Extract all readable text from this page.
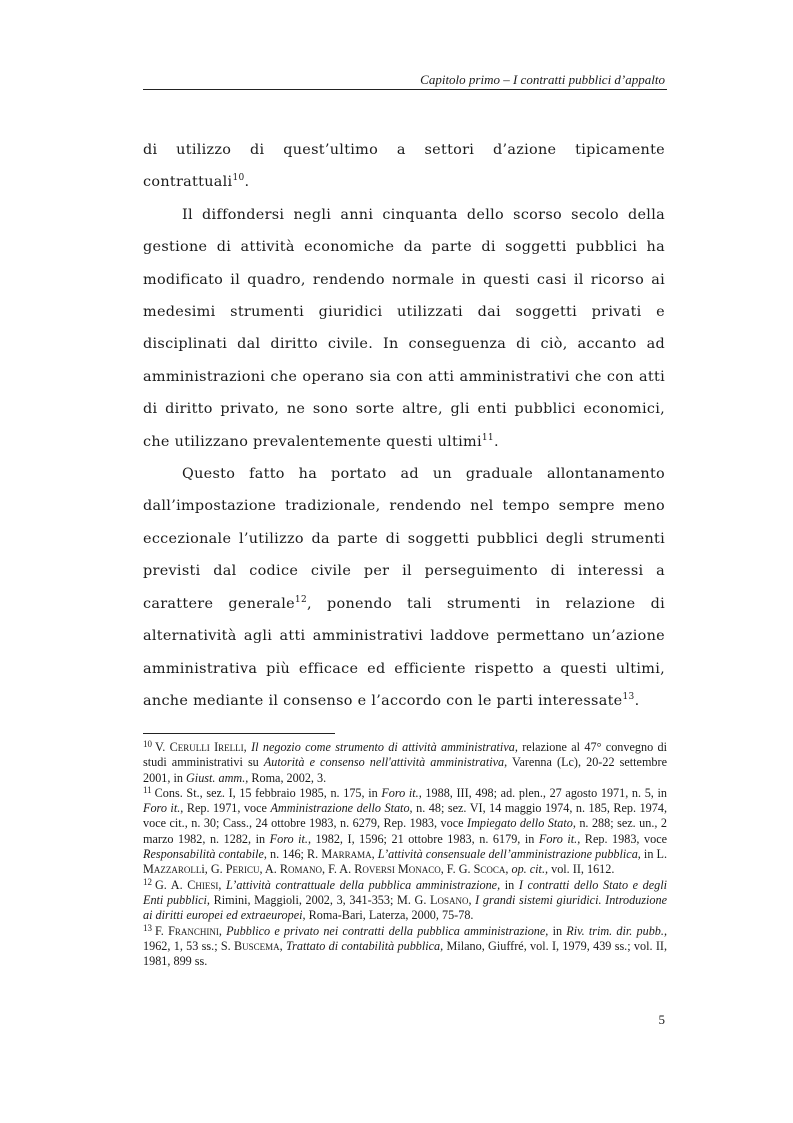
Capitolo primo – I contratti pubblici d’appalto

di utilizzo di quest’ultimo a settori d’azione tipicamente contrattuali$^{10}$.

Il diffondersi negli anni cinquanta dello scorso secolo della gestione di attività economiche da parte di soggetti pubblici ha modificato il quadro, rendendo normale in questi casi il ricorso ai medesimi strumenti giuridici utilizzati dai soggetti privati e disciplinati dal diritto civile. In conseguenza di ciò, accanto ad amministrazioni che operano sia con atti amministrativi che con atti di diritto privato, ne sono sorte altre, gli enti pubblici economici, che utilizzano prevalentemente questi ultimi$^{11}$.

Questo fatto ha portato ad un graduale allontanamento dall’impostazione tradizionale, rendendo nel tempo sempre meno eccezionale l’utilizzo da parte di soggetti pubblici degli strumenti previsti dal codice civile per il perseguimento di interessi a carattere generale$^{12}$, ponendo tali strumenti in relazione di alternatività agli atti amministrativi laddove permettano un’azione amministrativa più efficace ed efficiente rispetto a questi ultimi, anche mediante il consenso e l’accordo con le parti interessate$^{13}$.

$^{10}$ V. Cerulli Irelli, Il negozio come strumento di attività amministrativa, relazione al 47° convegno di studi amministrativi su Autorità e consenso nell'attività amministrativa, Varenna (Lc), 20-22 settembre 2001, in Giust. amm., Roma, 2002, 3.

$^{11}$ Cons. St., sez. I, 15 febbraio 1985, n. 175, in Foro it., 1988, III, 498; ad. plen., 27 agosto 1971, n. 5, in Foro it., Rep. 1971, voce Amministrazione dello Stato, n. 48; sez. VI, 14 maggio 1974, n. 185, Rep. 1974, voce cit., n. 30; Cass., 24 ottobre 1983, n. 6279, Rep. 1983, voce Impiegato dello Stato, n. 288; sez. un., 2 marzo 1982, n. 1282, in Foro it., 1982, I, 1596; 21 ottobre 1983, n. 6179, in Foro it., Rep. 1983, voce Responsabilità contabile, n. 146; R. Marrama, L’attività consensuale dell’amministrazione pubblica, in L. Mazzarolli, G. Pericu, A. Romano, F. A. Roversi Monaco, F. G. Scoca, op. cit., vol. II, 1612.

$^{12}$ G. A. Chiesi, L’attività contrattuale della pubblica amministrazione, in I contratti dello Stato e degli Enti pubblici, Rimini, Maggioli, 2002, 3, 341-353; M. G. Losano, I grandi sistemi giuridici. Introduzione ai diritti europei ed extraeuropei, Roma-Bari, Laterza, 2000, 75-78.

$^{13}$ F. Franchini, Pubblico e privato nei contratti della pubblica amministrazione, in Riv. trim. dir. pubb., 1962, 1, 53 ss.; S. Buscema, Trattato di contabilità pubblica, Milano, Giuffré, vol. I, 1979, 439 ss.; vol. II, 1981, 899 ss.

5
